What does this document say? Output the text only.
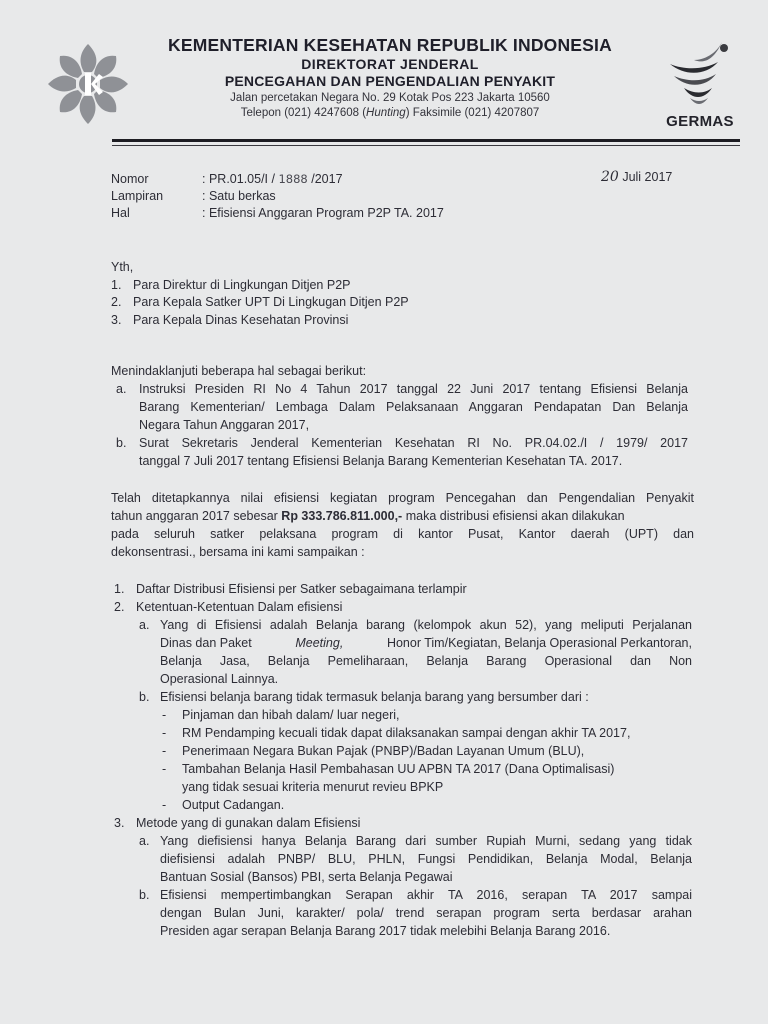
KEMENTERIAN KESEHATAN REPUBLIK INDONESIA
DIREKTORAT JENDERAL
PENCEGAHAN DAN PENGENDALIAN PENYAKIT
Jalan percetakan Negara No. 29 Kotak Pos 223 Jakarta 10560
Telepon (021) 4247608 (Hunting) Faksimile (021) 4207807	GERMAS
Nomor	: PR.01.05/I / 1888 /2017	20 Juli 2017
Lampiran	: Satu berkas
Hal	: Efisiensi Anggaran Program P2P TA. 2017
Yth,
1. Para Direktur di Lingkungan Ditjen P2P
2. Para Kepala Satker UPT Di Lingkugan Ditjen P2P
3. Para Kepala Dinas Kesehatan Provinsi
Menindaklanjuti beberapa hal sebagai berikut:
a. Instruksi Presiden RI No 4 Tahun 2017 tanggal 22 Juni 2017 tentang Efisiensi Belanja
Barang Kementerian/ Lembaga Dalam Pelaksanaan Anggaran Pendapatan Dan Belanja
Negara Tahun Anggaran 2017,
b. Surat Sekretaris Jenderal Kementerian Kesehatan RI No. PR.04.02./I / 1979/ 2017
tanggal 7 Juli 2017 tentang Efisiensi Belanja Barang Kementerian Kesehatan TA. 2017.
Telah ditetapkannya nilai efisiensi kegiatan program Pencegahan dan Pengendalian Penyakit
tahun anggaran 2017 sebesar Rp 333.786.811.000,- maka distribusi efisiensi akan dilakukan
pada seluruh satker pelaksana program di kantor Pusat, Kantor daerah (UPT) dan
dekonsentrasi., bersama ini kami sampaikan :
1. Daftar Distribusi Efisiensi per Satker sebagaimana terlampir
2. Ketentuan-Ketentuan Dalam efisiensi
a. Yang di Efisiensi adalah Belanja barang (kelompok akun 52), yang meliputi Perjalanan
Dinas dan Paket	Meeting,	Honor Tim/Kegiatan, Belanja Operasional Perkantoran,
Belanja Jasa, Belanja Pemeliharaan, Belanja Barang Operasional dan Non
Operasional Lainnya.
b. Efisiensi belanja barang tidak termasuk belanja barang yang bersumber dari :
- Pinjaman dan hibah dalam/ luar negeri,
- RM Pendamping kecuali tidak dapat dilaksanakan sampai dengan akhir TA 2017,
- Penerimaan Negara Bukan Pajak (PNBP)/Badan Layanan Umum (BLU),
- Tambahan Belanja Hasil Pembahasan UU APBN TA 2017 (Dana Optimalisasi)
yang tidak sesuai kriteria menurut revieu BPKP
- Output Cadangan.
3. Metode yang di gunakan dalam Efisiensi
a. Yang diefisiensi hanya Belanja Barang dari sumber Rupiah Murni, sedang yang tidak
diefisiensi adalah PNBP/ BLU, PHLN, Fungsi Pendidikan, Belanja Modal, Belanja
Bantuan Sosial (Bansos) PBI, serta Belanja Pegawai
b. Efisiensi mempertimbangkan Serapan akhir TA 2016, serapan TA 2017 sampai
dengan Bulan Juni, karakter/ pola/ trend serapan program serta berdasar arahan
Presiden agar serapan Belanja Barang 2017 tidak melebihi Belanja Barang 2016.
